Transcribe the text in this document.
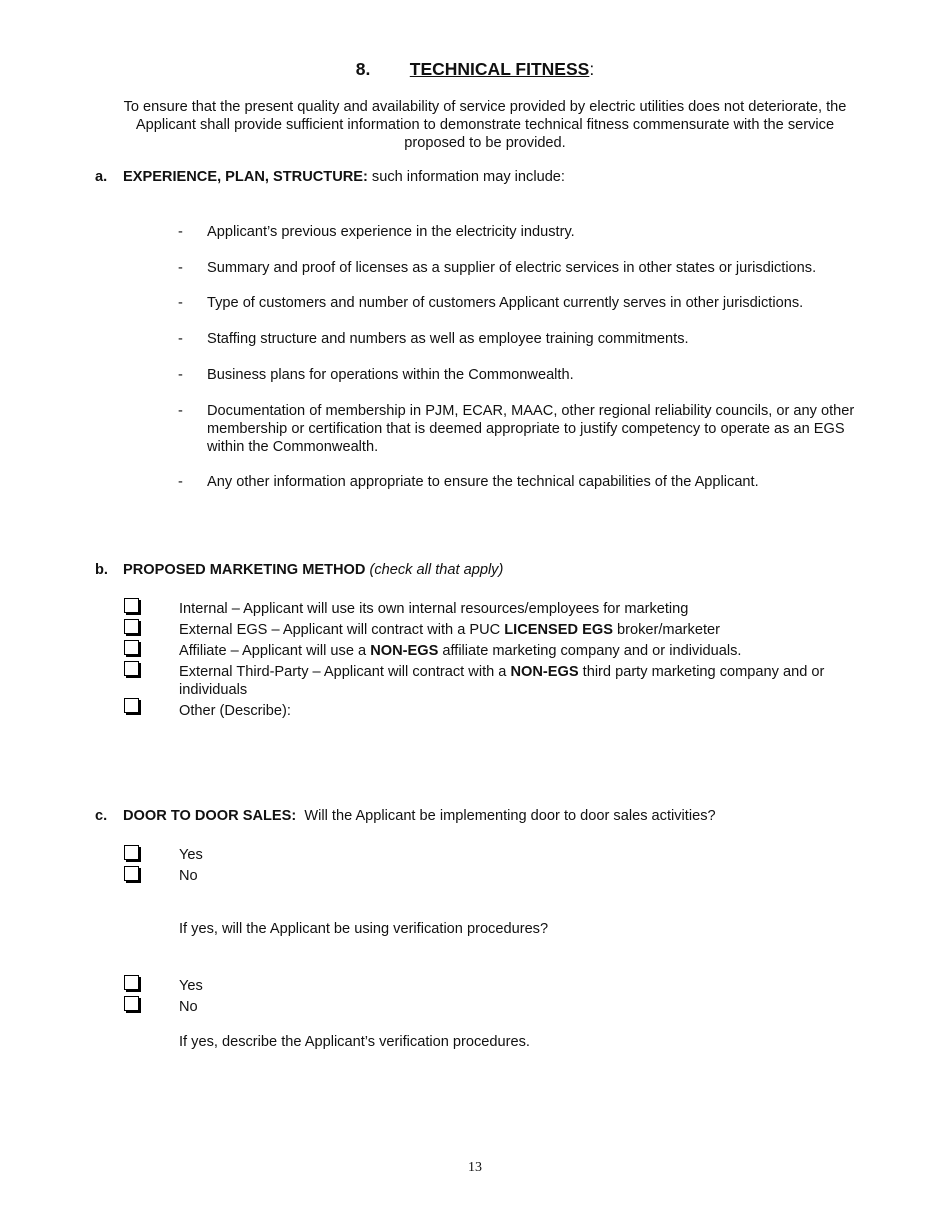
8. TECHNICAL FITNESS:
To ensure that the present quality and availability of service provided by electric utilities does not deteriorate, the Applicant shall provide sufficient information to demonstrate technical fitness commensurate with the service proposed to be provided.
a. EXPERIENCE, PLAN, STRUCTURE: such information may include:
- Applicant’s previous experience in the electricity industry.
- Summary and proof of licenses as a supplier of electric services in other states or jurisdictions.
- Type of customers and number of customers Applicant currently serves in other jurisdictions.
- Staffing structure and numbers as well as employee training commitments.
- Business plans for operations within the Commonwealth.
- Documentation of membership in PJM, ECAR, MAAC, other regional reliability councils, or any other membership or certification that is deemed appropriate to justify competency to operate as an EGS within the Commonwealth.
- Any other information appropriate to ensure the technical capabilities of the Applicant.
b. PROPOSED MARKETING METHOD (check all that apply)
Internal – Applicant will use its own internal resources/employees for marketing
External EGS – Applicant will contract with a PUC LICENSED EGS broker/marketer
Affiliate – Applicant will use a NON-EGS affiliate marketing company and or individuals.
External Third-Party – Applicant will contract with a NON-EGS third party marketing company and or individuals
Other (Describe):
c. DOOR TO DOOR SALES:  Will the Applicant be implementing door to door sales activities?
Yes
No
If yes, will the Applicant be using verification procedures?
Yes
No
If yes, describe the Applicant’s verification procedures.
13
